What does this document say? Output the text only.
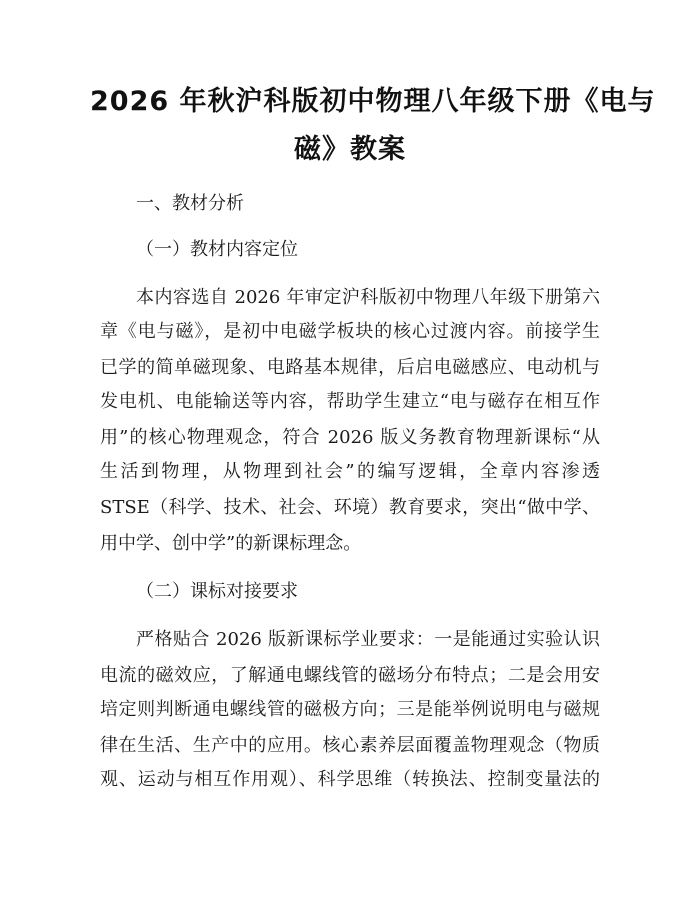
2026 年秋沪科版初中物理八年级下册《电与
磁》教案

一、教材分析

（一）教材内容定位

本内容选自 2026 年审定沪科版初中物理八年级下册第六

章《电与磁》，是初中电磁学板块的核心过渡内容。前接学生

已学的简单磁现象、电路基本规律，后启电磁感应、电动机与

发电机、电能输送等内容，帮助学生建立“电与磁存在相互作

用”的核心物理观念，符合 2026 版义务教育物理新课标“从

生活到物理，从物理到社会”的编写逻辑，全章内容渗透

STSE（科学、技术、社会、环境）教育要求，突出“做中学、

用中学、创中学”的新课标理念。

（二）课标对接要求

严格贴合 2026 版新课标学业要求：一是能通过实验认识

电流的磁效应，了解通电螺线管的磁场分布特点；二是会用安

培定则判断通电螺线管的磁极方向；三是能举例说明电与磁规

律在生活、生产中的应用。核心素养层面覆盖物理观念（物质

观、运动与相互作用观）、科学思维（转换法、控制变量法的
